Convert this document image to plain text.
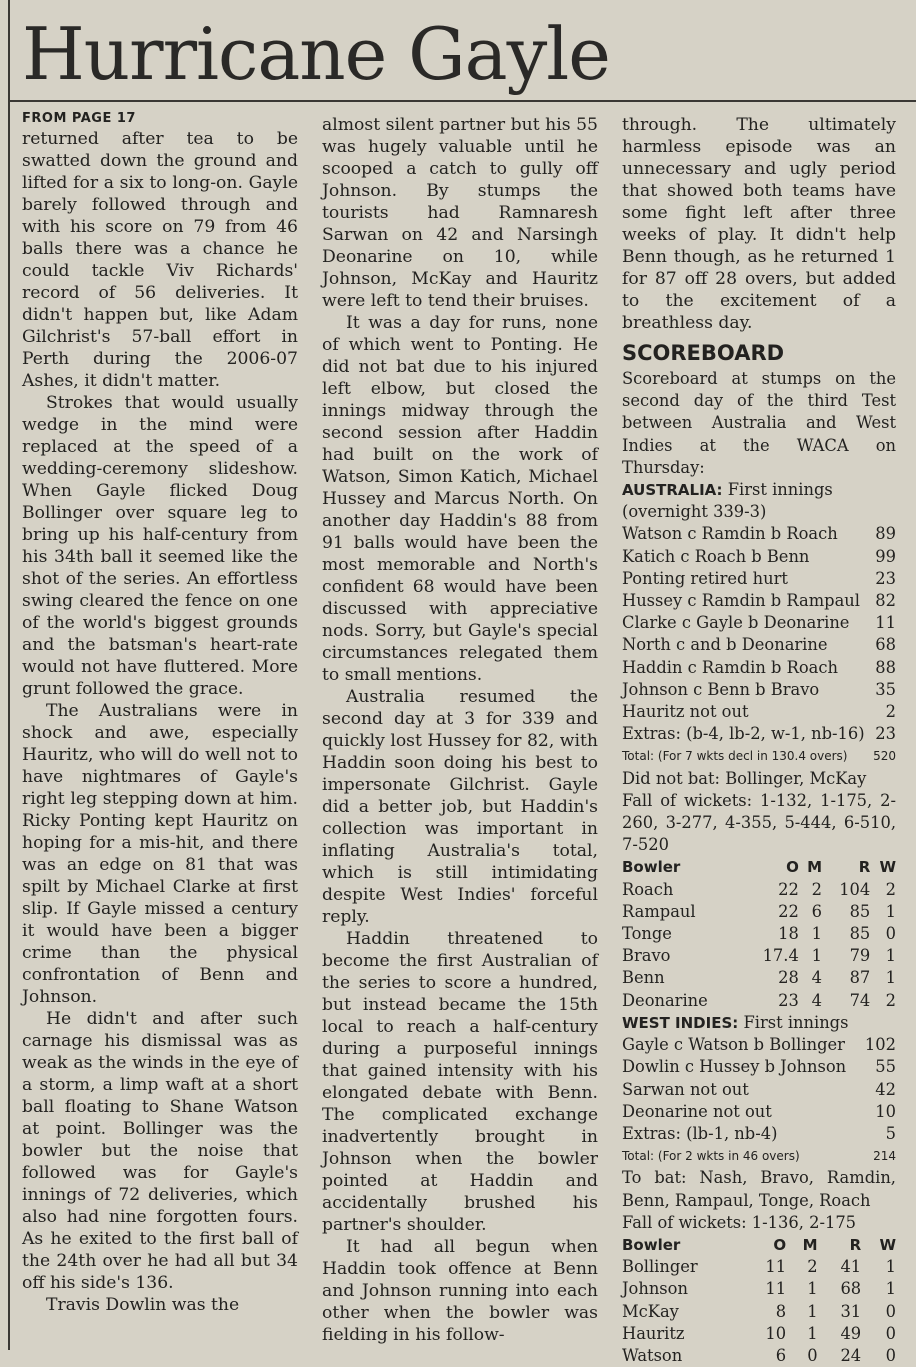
Hurricane Gayle
FROM PAGE 17

returned after tea to be swatted down the ground and lifted for a six to long-on. Gayle barely followed through and with his score on 79 from 46 balls there was a chance he could tackle Viv Richards' record of 56 deliveries. It didn't happen but, like Adam Gilchrist's 57-ball effort in Perth during the 2006-07 Ashes, it didn't matter.

Strokes that would usually wedge in the mind were replaced at the speed of a wedding-ceremony slideshow. When Gayle flicked Doug Bollinger over square leg to bring up his half-century from his 34th ball it seemed like the shot of the series. An effortless swing cleared the fence on one of the world's biggest grounds and the batsman's heart-rate would not have fluttered. More grunt followed the grace.

The Australians were in shock and awe, especially Hauritz, who will do well not to have nightmares of Gayle's right leg stepping down at him. Ricky Ponting kept Hauritz on hoping for a mis-hit, and there was an edge on 81 that was spilt by Michael Clarke at first slip. If Gayle missed a century it would have been a bigger crime than the physical confrontation of Benn and Johnson.

He didn't and after such carnage his dismissal was as weak as the winds in the eye of a storm, a limp waft at a short ball floating to Shane Watson at point. Bollinger was the bowler but the noise that followed was for Gayle's innings of 72 deliveries, which also had nine forgotten fours. As he exited to the first ball of the 24th over he had all but 34 off his side's 136.

Travis Dowlin was the

almost silent partner but his 55 was hugely valuable until he scooped a catch to gully off Johnson. By stumps the tourists had Ramnaresh Sarwan on 42 and Narsingh Deonarine on 10, while Johnson, McKay and Hauritz were left to tend their bruises.

It was a day for runs, none of which went to Ponting. He did not bat due to his injured left elbow, but closed the innings midway through the second session after Haddin had built on the work of Watson, Simon Katich, Michael Hussey and Marcus North. On another day Haddin's 88 from 91 balls would have been the most memorable and North's confident 68 would have been discussed with appreciative nods. Sorry, but Gayle's special circumstances relegated them to small mentions.

Australia resumed the second day at 3 for 339 and quickly lost Hussey for 82, with Haddin soon doing his best to impersonate Gilchrist. Gayle did a better job, but Haddin's collection was important in inflating Australia's total, which is still intimidating despite West Indies' forceful reply.

Haddin threatened to become the first Australian of the series to score a hundred, but instead became the 15th local to reach a half-century during a purposeful innings that gained intensity with his elongated debate with Benn. The complicated exchange inadvertently brought in Johnson when the bowler pointed at Haddin and accidentally brushed his partner's shoulder.

It had all begun when Haddin took offence at Benn and Johnson running into each other when the bowler was fielding in his follow-

through. The ultimately harmless episode was an unnecessary and ugly period that showed both teams have some fight left after three weeks of play. It didn't help Benn though, as he returned 1 for 87 off 28 overs, but added to the excitement of a breathless day.

SCOREBOARD
Scoreboard at stumps on the second day of the third Test between Australia and West Indies at the WACA on Thursday:
AUSTRALIA: First innings
(overnight 339-3)
Watson c Ramdin b Roach 89
Katich c Roach b Benn	99
Ponting retired hurt	23
Hussey c Ramdin b Rampaul 82
Clarke c Gayle b Deonarine 11
North c and b Deonarine	68
Haddin c Ramdin b Roach 88
Johnson c Benn b Bravo	35
Hauritz not out	2
Extras: (b-4, lb-2, w-1, nb-16) 23
Total: (For 7 wkts decl in 130.4 overs) 520
Did not bat: Bollinger, McKay
Fall of wickets: 1-132, 1-175, 2-260, 3-277, 4-355, 5-444, 6-510, 7-520
Bowler	O	M	R	W
Roach	22	2	104	2
Rampaul	22	6	85	1
Tonge	18	1	85	0
Bravo	17.4	1	79	1
Benn	28	4	87	1
Deonarine	23	4	74	2
WEST INDIES: First innings
Gayle c Watson b Bollinger 102
Dowlin c Hussey b Johnson 55
Sarwan not out	42
Deonarine not out	10
Extras: (lb-1, nb-4)	5
Total: (For 2 wkts in 46 overs)	214
To bat: Nash, Bravo, Ramdin, Benn, Rampaul, Tonge, Roach
Fall of wickets: 1-136, 2-175
Bowler	O	M	R	W
Bollinger	11	2	41	1
Johnson	11	1	68	1
McKay	8	1	31	0
Hauritz	10	1	49	0
Watson	6	0	24	0
